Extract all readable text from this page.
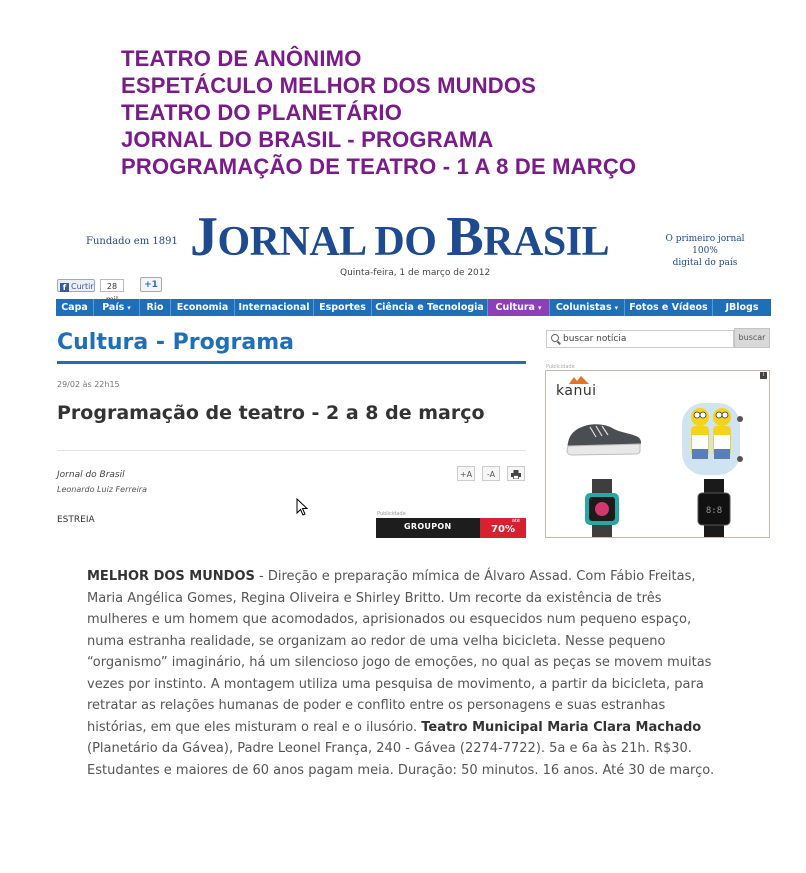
TEATRO DE ANÔNIMO
ESPETÁCULO MELHOR DOS MUNDOS
TEATRO DO PLANETÁRIO
JORNAL DO BRASIL - PROGRAMA
PROGRAMAÇÃO DE TEATRO - 1 A 8 DE MARÇO
Fundado em 1891 JORNAL DO BRASIL	O primeiro jornal 100%
digital do país
Quinta-feira, 1 de março de 2012
f Curtir	28	+1
Capa	País ▾	Rio	Economia	Internacional	Esportes Ciência e Tecnologia	Cultura ▾	Colunistas ▾	Fotos e Vídeos	JBlogs
Cultura - Programa
29/02 às 22h15
Programação de teatro - 2 a 8 de março
Jornal do Brasil
Leonardo Luiz Ferreira
+A	-A
ESTREIA
Publicidade
GROUPON	70%
até
buscar notícia	buscar
Publicidade
kanui
i
8:8
MELHOR DOS MUNDOS - Direção e preparação mímica de Álvaro Assad. Com Fábio Freitas, Maria Angélica Gomes, Regina Oliveira e Shirley Britto. Um recorte da existência de três mulheres e um homem que acomodados, aprisionados ou esquecidos num pequeno espaço, numa estranha realidade, se organizam ao redor de uma velha bicicleta. Nesse pequeno “organismo” imaginário, há um silencioso jogo de emoções, no qual as peças se movem muitas vezes por instinto. A montagem utiliza uma pesquisa de movimento, a partir da bicicleta, para retratar as relações humanas de poder e conflito entre os personagens e suas estranhas histórias, em que eles misturam o real e o ilusório. Teatro Municipal Maria Clara Machado (Planetário da Gávea), Padre Leonel França, 240 - Gávea (2274-7722). 5a e 6a às 21h. R$30. Estudantes e maiores de 60 anos pagam meia. Duração: 50 minutos. 16 anos. Até 30 de março.
